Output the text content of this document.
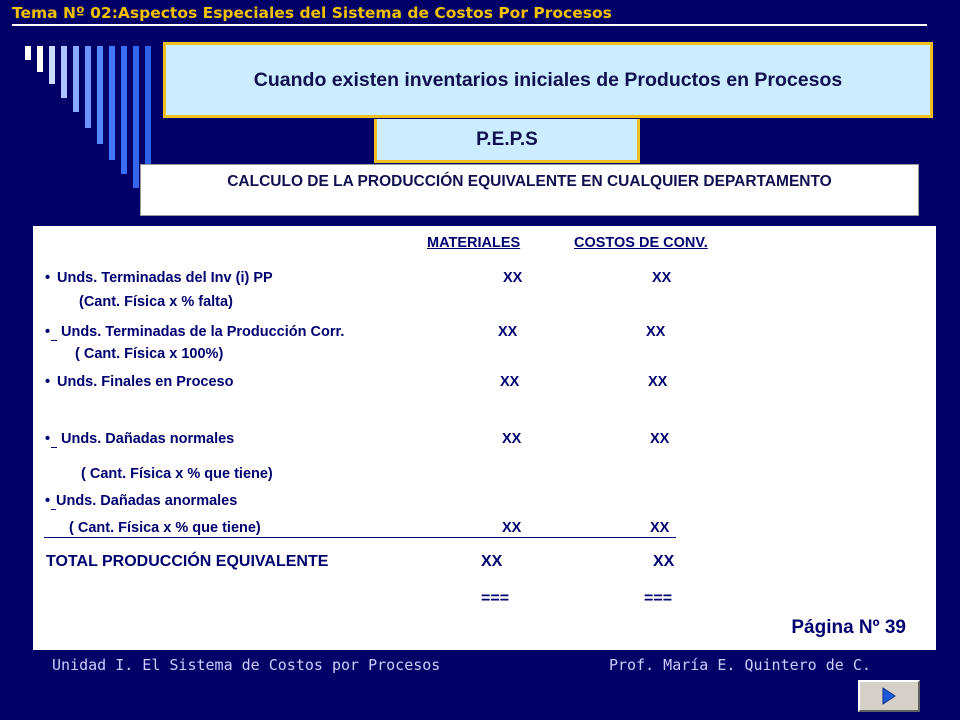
Tema Nº 02:Aspectos Especiales del Sistema de Costos Por Procesos
Cuando existen inventarios iniciales de Productos en Procesos
P.E.P.S
CALCULO DE LA PRODUCCIÓN EQUIVALENTE EN CUALQUIER DEPARTAMENTO
MATERIALES	COSTOS DE CONV.
• Unds. Terminadas del Inv (i) PP	XX	XX
(Cant. Física x % falta)
• Unds. Terminadas de la Producción Corr.	XX	XX
( Cant. Física x 100%)
• Unds. Finales en Proceso	XX	XX
• Unds. Dañadas normales	XX	XX
( Cant. Física x % que tiene)
• Unds. Dañadas anormales
( Cant. Física x % que tiene)	XX	XX
TOTAL PRODUCCIÓN EQUIVALENTE	XX	XX
===	===
Página Nº 39
Unidad I. El Sistema de Costos por Procesos	Prof. María E. Quintero de C.
